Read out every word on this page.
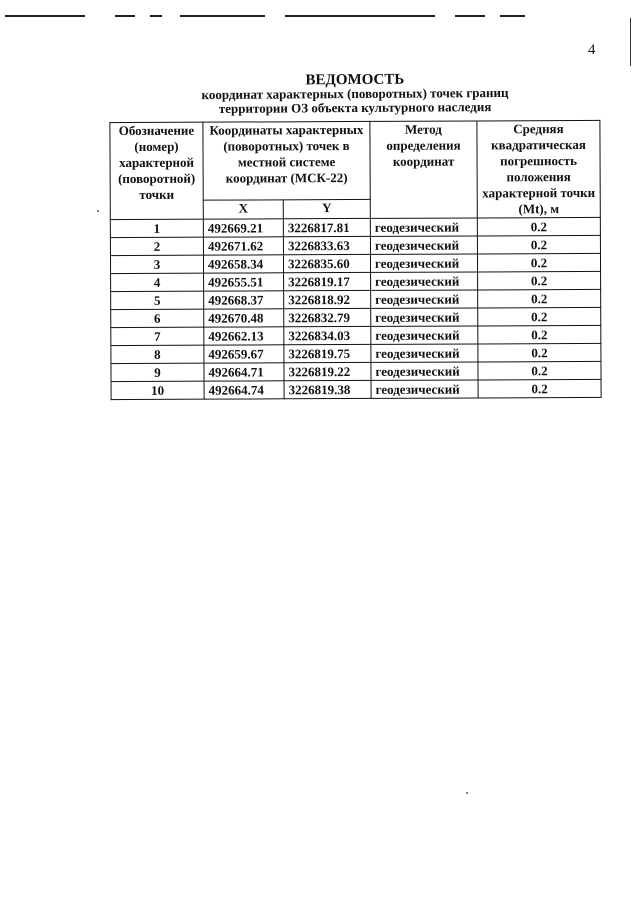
4
ВЕДОМОСТЬ
координат характерных (поворотных) точек границ
территории ОЗ объекта культурного наследия
Обозначение (номер) характерной (поворотной) точки	Координаты характерных (поворотных) точек в местной системе координат (МСК-22)		Метод определения координат	Средняя квадратическая погрешность положения характерной точки (Mt), м
	X	Y		
1	492669.21	3226817.81	геодезический	0.2
2	492671.62	3226833.63	геодезический	0.2
3	492658.34	3226835.60	геодезический	0.2
4	492655.51	3226819.17	геодезический	0.2
5	492668.37	3226818.92	геодезический	0.2
6	492670.48	3226832.79	геодезический	0.2
7	492662.13	3226834.03	геодезический	0.2
8	492659.67	3226819.75	геодезический	0.2
9	492664.71	3226819.22	геодезический	0.2
10	492664.74	3226819.38	геодезический	0.2
